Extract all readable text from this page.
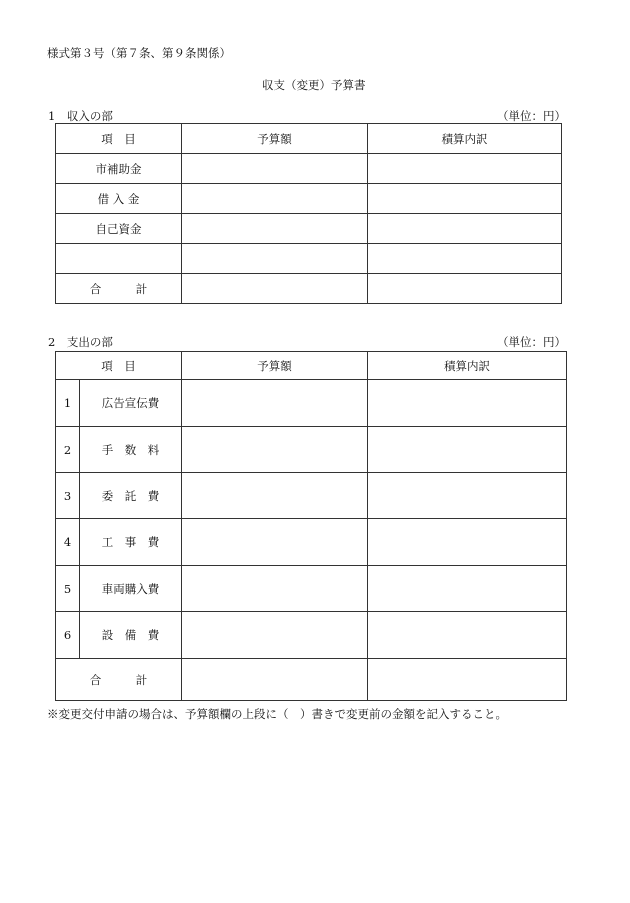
様式第３号（第７条、第９条関係）
収支（変更）予算書
1　収入の部	（単位：円）
項　目	予算額	積算内訳
市補助金		
借 入 金		
自己資金		

合　　　計		
2　支出の部	（単位：円）
項　目		予算額	積算内訳
1	広告宣伝費		
2	手　数　料		
3	委　託　費		
4	工　事　費		
5	車両購入費		
6	設　備　費		
合　　　計			
※変更交付申請の場合は、予算額欄の上段に（　）書きで変更前の金額を記入すること。
